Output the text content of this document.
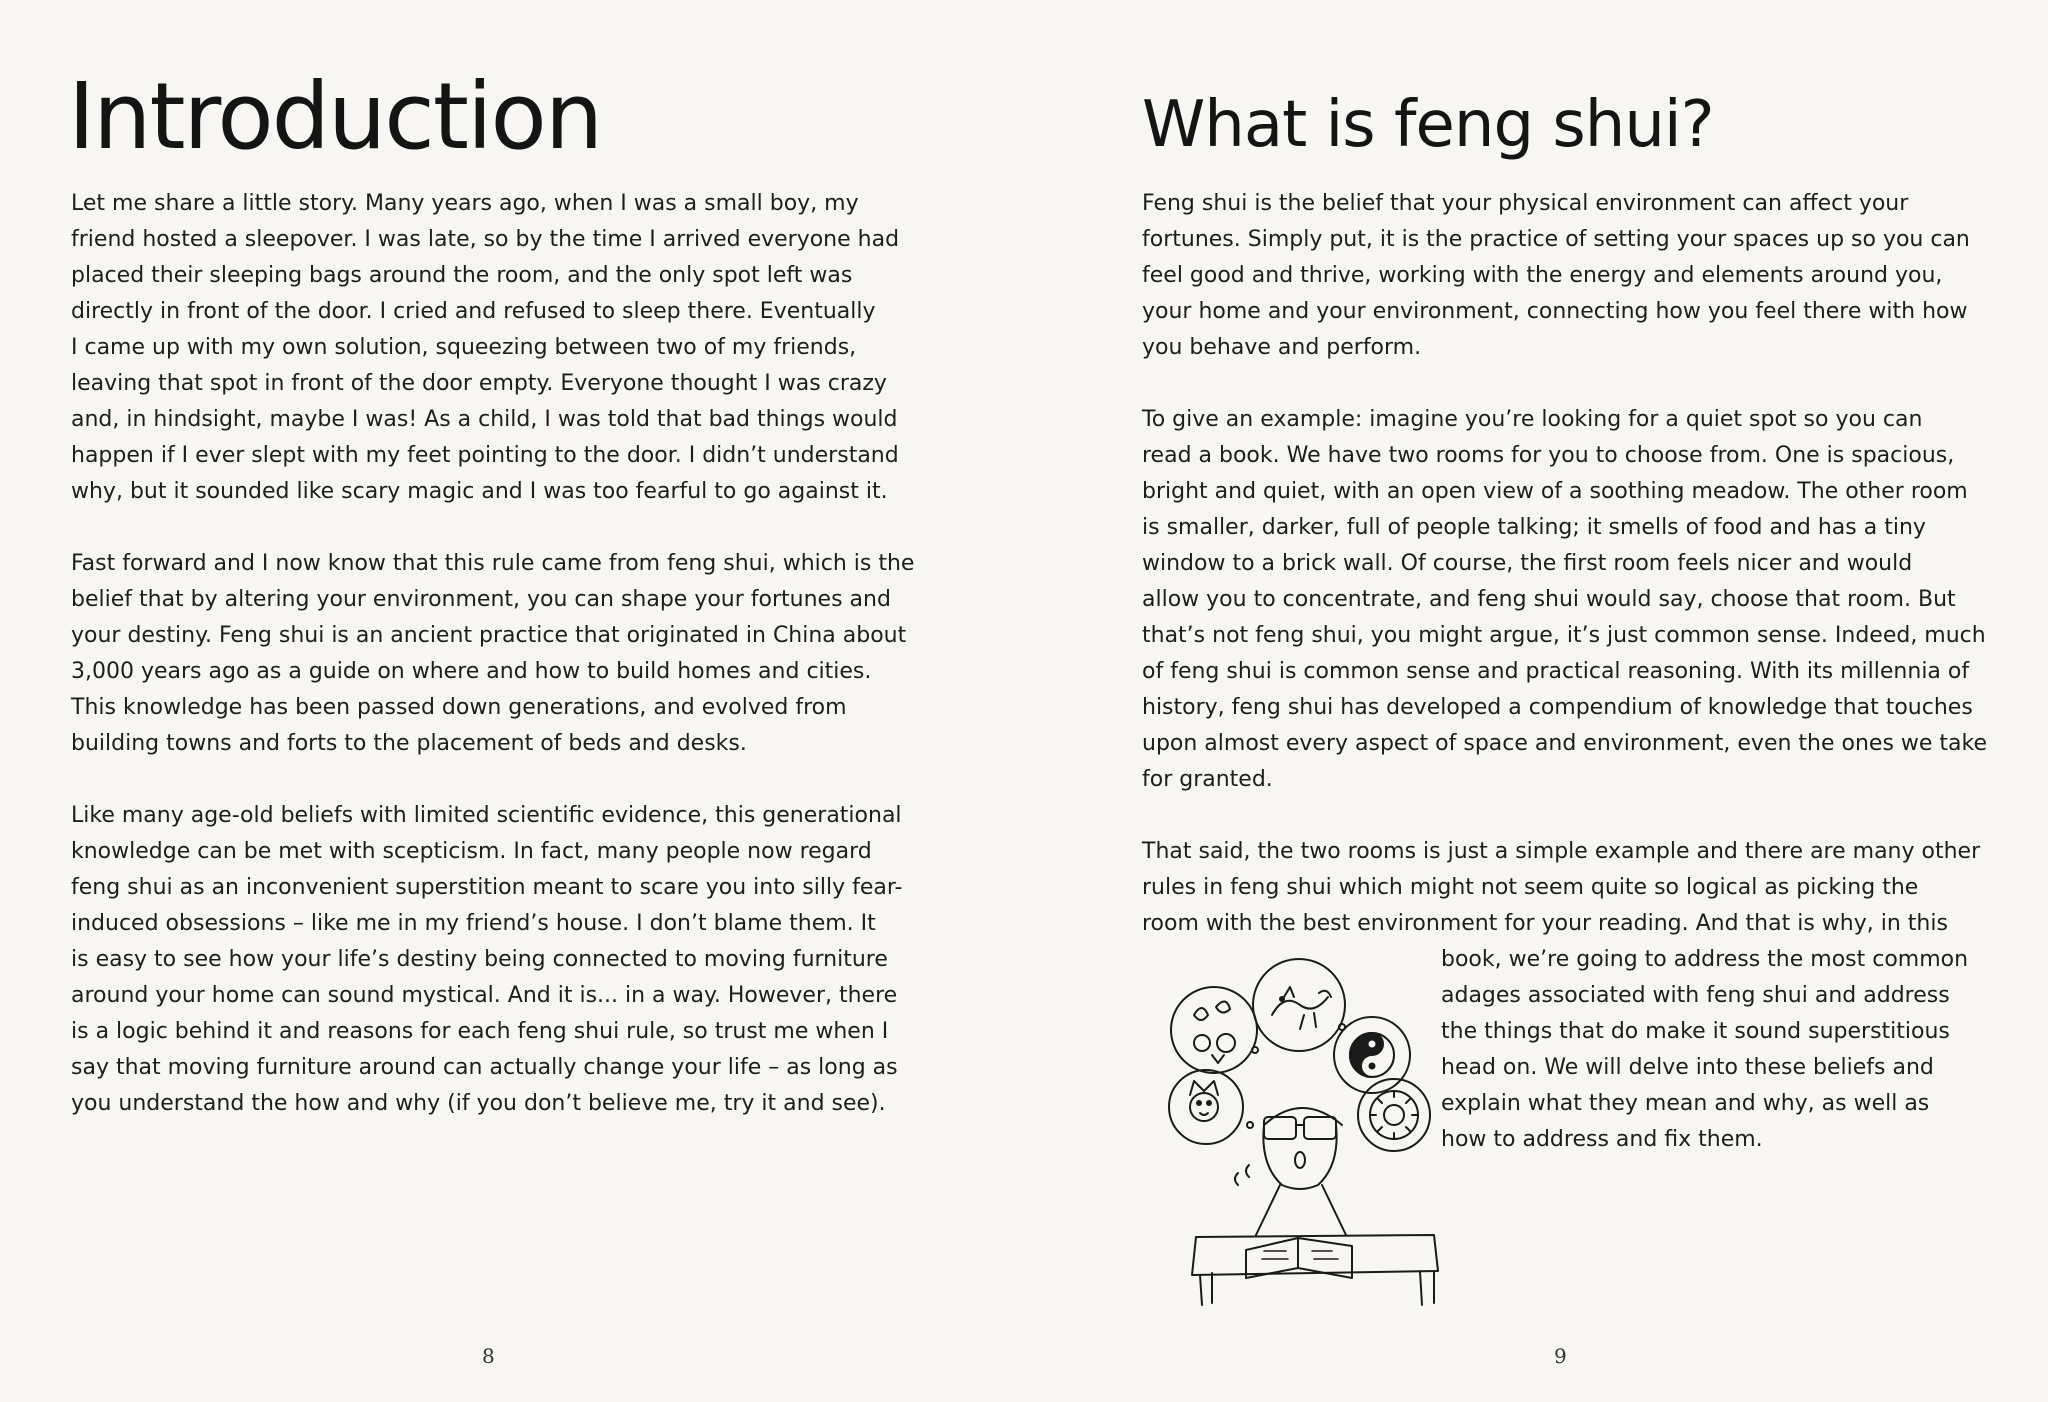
Introduction
Let me share a little story. Many years ago, when I was a small boy, my
friend hosted a sleepover. I was late, so by the time I arrived everyone had
placed their sleeping bags around the room, and the only spot left was
directly in front of the door. I cried and refused to sleep there. Eventually
I came up with my own solution, squeezing between two of my friends,
leaving that spot in front of the door empty. Everyone thought I was crazy
and, in hindsight, maybe I was! As a child, I was told that bad things would
happen if I ever slept with my feet pointing to the door. I didn’t understand
why, but it sounded like scary magic and I was too fearful to go against it.
Fast forward and I now know that this rule came from feng shui, which is the
belief that by altering your environment, you can shape your fortunes and
your destiny. Feng shui is an ancient practice that originated in China about
3,000 years ago as a guide on where and how to build homes and cities.
This knowledge has been passed down generations, and evolved from
building towns and forts to the placement of beds and desks.
Like many age-old beliefs with limited scientific evidence, this generational
knowledge can be met with scepticism. In fact, many people now regard
feng shui as an inconvenient superstition meant to scare you into silly fear-
induced obsessions – like me in my friend’s house. I don’t blame them. It
is easy to see how your life’s destiny being connected to moving furniture
around your home can sound mystical. And it is... in a way. However, there
is a logic behind it and reasons for each feng shui rule, so trust me when I
say that moving furniture around can actually change your life – as long as
you understand the how and why (if you don’t believe me, try it and see).
8
What is feng shui?
Feng shui is the belief that your physical environment can affect your
fortunes. Simply put, it is the practice of setting your spaces up so you can
feel good and thrive, working with the energy and elements around you,
your home and your environment, connecting how you feel there with how
you behave and perform.
To give an example: imagine you’re looking for a quiet spot so you can
read a book. We have two rooms for you to choose from. One is spacious,
bright and quiet, with an open view of a soothing meadow. The other room
is smaller, darker, full of people talking; it smells of food and has a tiny
window to a brick wall. Of course, the first room feels nicer and would
allow you to concentrate, and feng shui would say, choose that room. But
that’s not feng shui, you might argue, it’s just common sense. Indeed, much
of feng shui is common sense and practical reasoning. With its millennia of
history, feng shui has developed a compendium of knowledge that touches
upon almost every aspect of space and environment, even the ones we take
for granted.
That said, the two rooms is just a simple example and there are many other
rules in feng shui which might not seem quite so logical as picking the
room with the best environment for your reading. And that is why, in this
book, we’re going to address the most common
adages associated with feng shui and address
the things that do make it sound superstitious
head on. We will delve into these beliefs and
explain what they mean and why, as well as
how to address and fix them.
9
